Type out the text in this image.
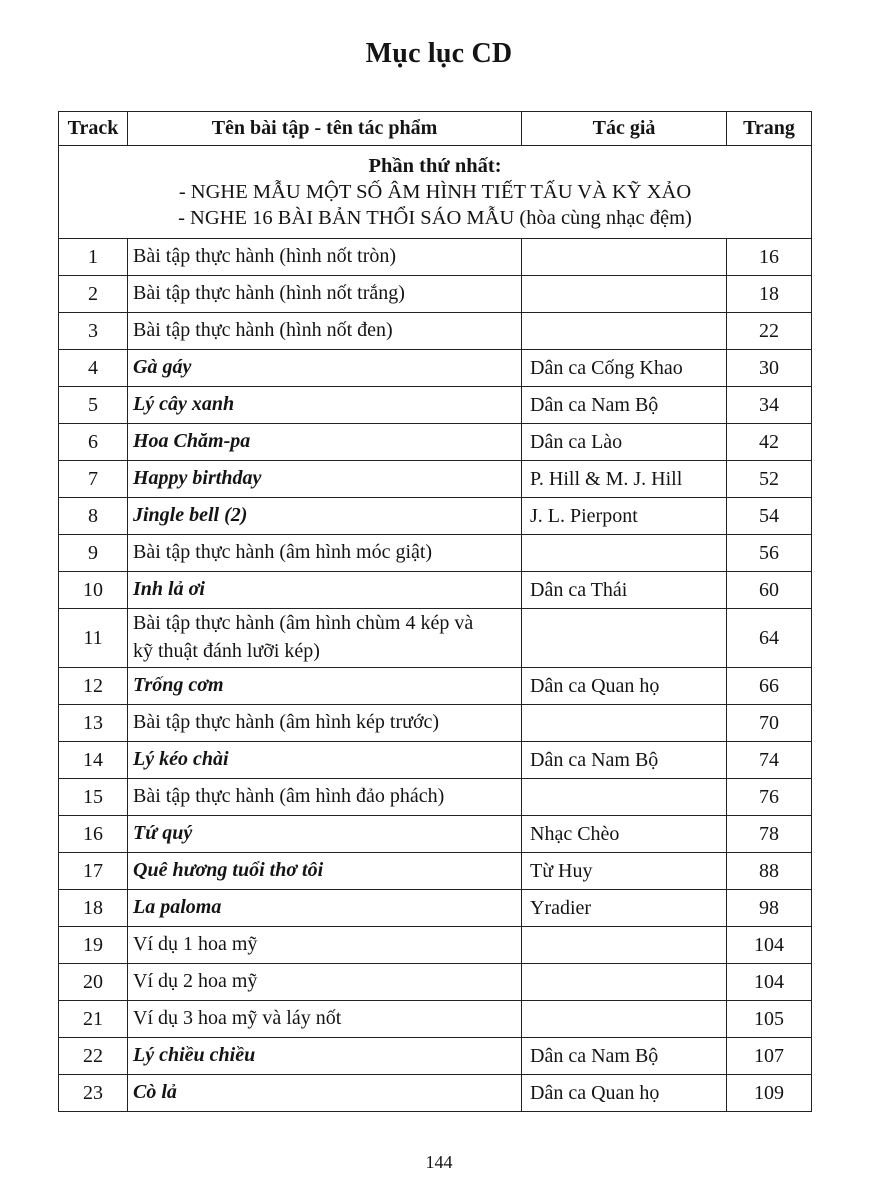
Mục lục CD
Track	Tên bài tập - tên tác phẩm	Tác giả	Trang

Phần thứ nhất:
- NGHE MẪU MỘT SỐ ÂM HÌNH TIẾT TẤU VÀ KỸ XẢO
- NGHE 16 BÀI BẢN THỔI SÁO MẪU (hòa cùng nhạc đệm)			

1	Bài tập thực hành (hình nốt tròn)		16
2	Bài tập thực hành (hình nốt trắng)		18
3	Bài tập thực hành (hình nốt đen)		22
4	Gà gáy	Dân ca Cống Khao	30
5	Lý cây xanh	Dân ca Nam Bộ	34
6	Hoa Chăm-pa	Dân ca Lào	42
7	Happy birthday	P. Hill & M. J. Hill	52
8	Jingle bell (2)	J. L. Pierpont	54
9	Bài tập thực hành (âm hình móc giật)		56
10	Inh lả ơi	Dân ca Thái	60
11	Bài tập thực hành (âm hình chùm 4 kép và
kỹ thuật đánh lưỡi kép)		64
12	Trống cơm	Dân ca Quan họ	66
13	Bài tập thực hành (âm hình kép trước)		70
14	Lý kéo chài	Dân ca Nam Bộ	74
15	Bài tập thực hành (âm hình đảo phách)		76
16	Tứ quý	Nhạc Chèo	78
17	Quê hương tuổi thơ tôi	Từ Huy	88
18	La paloma	Yradier	98
19	Ví dụ 1 hoa mỹ		104
20	Ví dụ 2 hoa mỹ		104
21	Ví dụ 3 hoa mỹ và láy nốt		105
22	Lý chiều chiều	Dân ca Nam Bộ	107
23	Cò lả	Dân ca Quan họ	109
144
